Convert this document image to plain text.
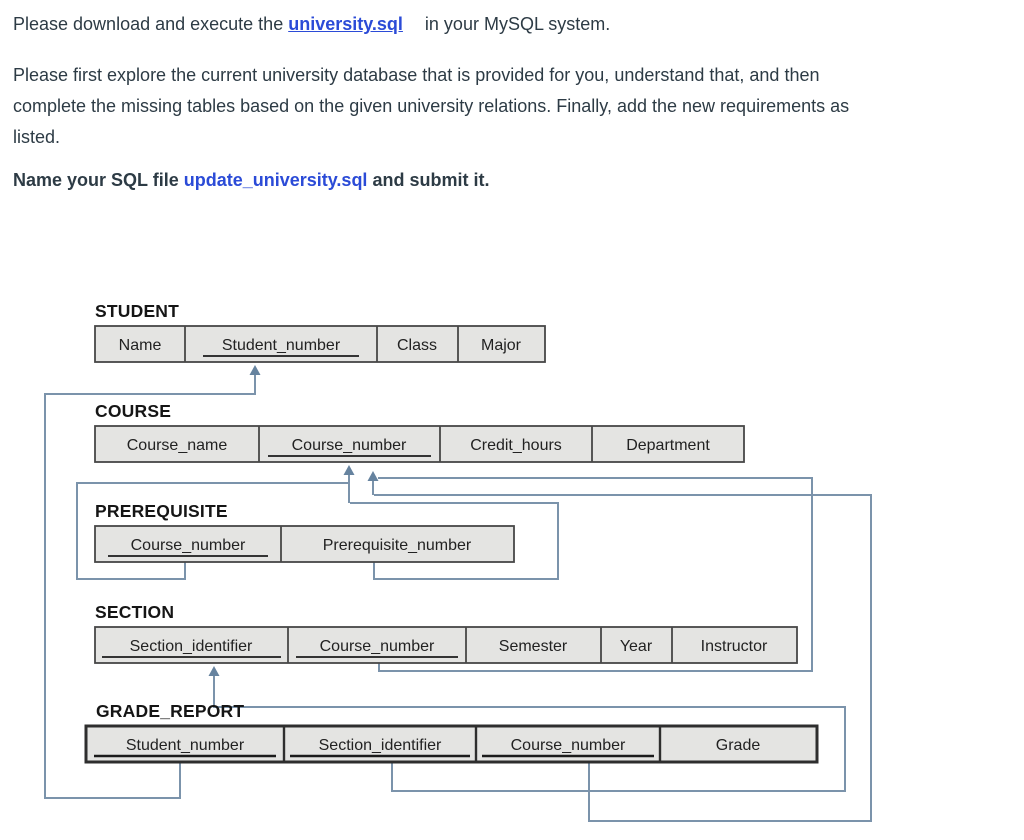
Please download and execute the university.sql in your MySQL system.
Please first explore the current university database that is provided for you, understand that, and then
complete the missing tables based on the given university relations. Finally, add the new requirements as
listed.
Name your SQL file update_university.sql and submit it.
STUDENT
Name	Student_number	Class	Major
COURSE
Course_name	Course_number	Credit_hours	Department
PREREQUISITE
Course_number	Prerequisite_number
SECTION
Section_identifier	Course_number	Semester	Year	Instructor
GRADE_REPORT
Student_number	Section_identifier	Course_number	Grade
